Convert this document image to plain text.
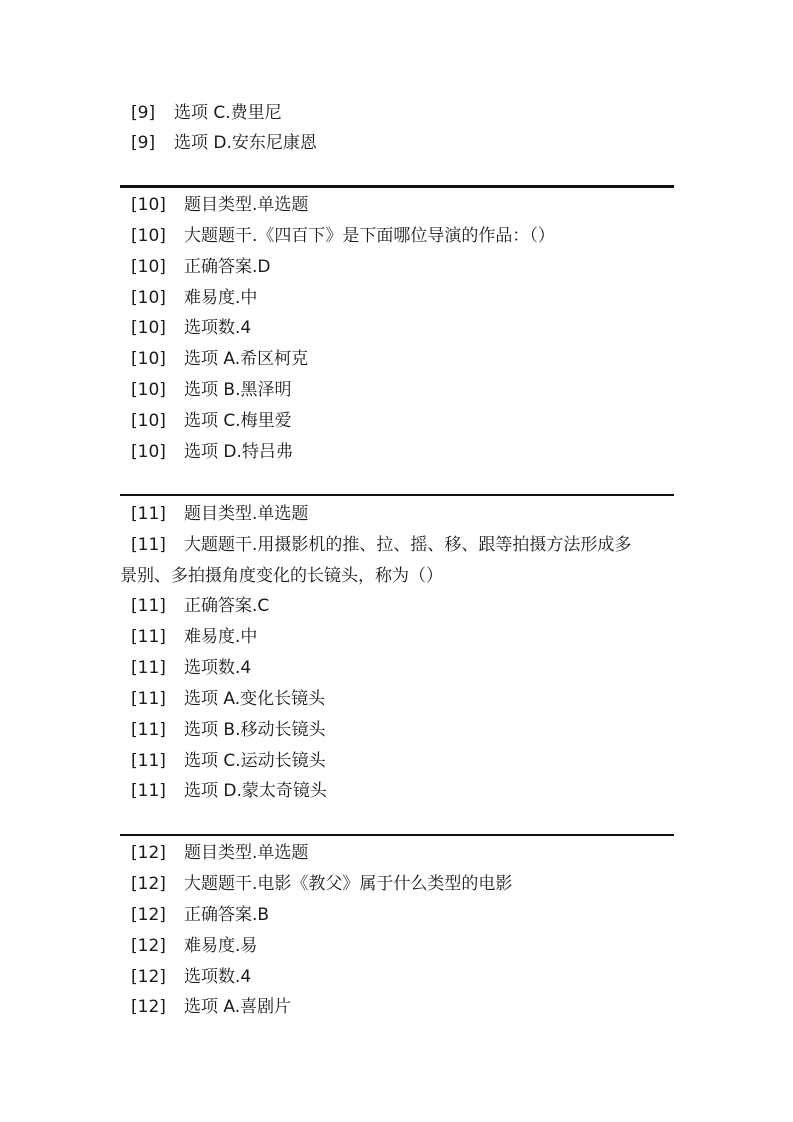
[9] 选项 C.费里尼
[9] 选项 D.安东尼康恩
[10] 题目类型.单选题
[10] 大题题干.《四百下》是下面哪位导演的作品：（）
[10] 正确答案.D
[10] 难易度.中
[10] 选项数.4
[10] 选项 A.希区柯克
[10] 选项 B.黑泽明
[10] 选项 C.梅里爱
[10] 选项 D.特吕弗
[11] 题目类型.单选题
[11] 大题题干.用摄影机的推、拉、摇、移、跟等拍摄方法形成多
景别、多拍摄角度变化的长镜头，称为（）
[11] 正确答案.C
[11] 难易度.中
[11] 选项数.4
[11] 选项 A.变化长镜头
[11] 选项 B.移动长镜头
[11] 选项 C.运动长镜头
[11] 选项 D.蒙太奇镜头
[12] 题目类型.单选题
[12] 大题题干.电影《教父》属于什么类型的电影
[12] 正确答案.B
[12] 难易度.易
[12] 选项数.4
[12] 选项 A.喜剧片
